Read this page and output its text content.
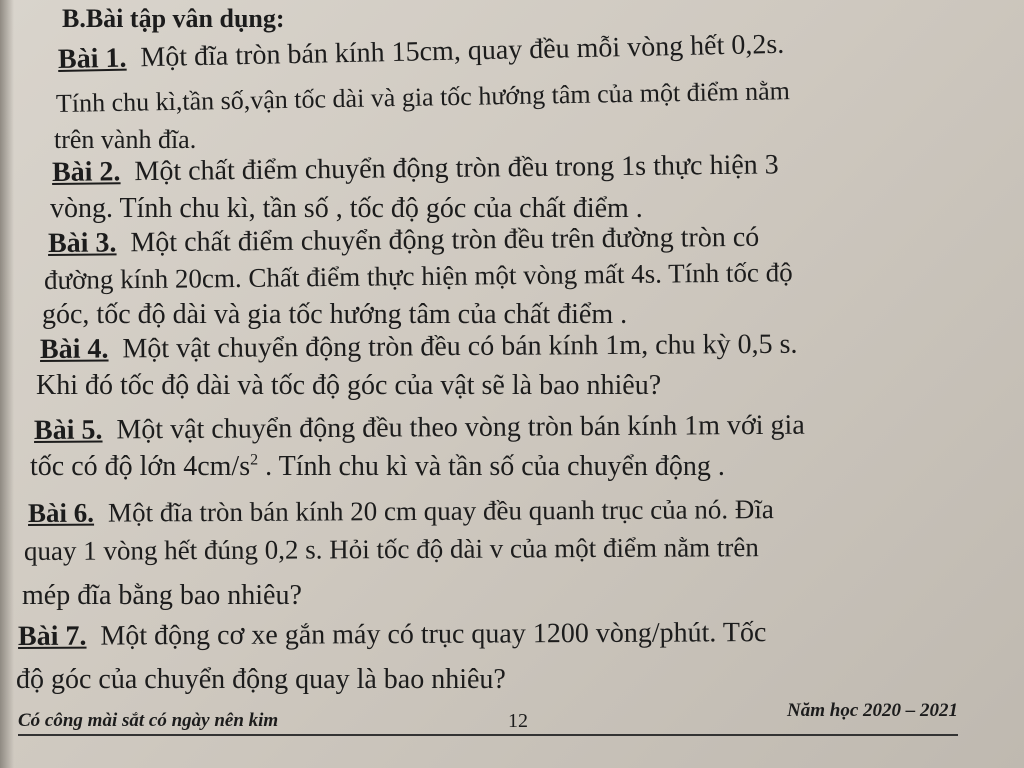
B.Bài tập vân dụng:
Bài 1. Một đĩa tròn bán kính 15cm, quay đều mỗi vòng hết 0,2s.
Tính chu kì,tần số,vận tốc dài và gia tốc hướng tâm của một điểm nằm
trên vành đĩa.
Bài 2. Một chất điểm chuyển động tròn đều trong 1s thực hiện 3
vòng. Tính chu kì, tần số , tốc độ góc của chất điểm .
Bài 3. Một chất điểm chuyển động tròn đều trên đường tròn có
đường kính 20cm. Chất điểm thực hiện một vòng mất 4s. Tính tốc độ
góc, tốc độ dài và gia tốc hướng tâm của chất điểm .
Bài 4. Một vật chuyển động tròn đều có bán kính 1m, chu kỳ 0,5 s.
Khi đó tốc độ dài và tốc độ góc của vật sẽ là bao nhiêu?
Bài 5. Một vật chuyển động đều theo vòng tròn bán kính 1m với gia
tốc có độ lớn $4cm/s^2$ . Tính chu kì và tần số của chuyển động .
Bài 6. Một đĩa tròn bán kính 20 cm quay đều quanh trục của nó. Đĩa
quay 1 vòng hết đúng 0,2 s. Hỏi tốc độ dài v của một điểm nằm trên
mép đĩa bằng bao nhiêu?
Bài 7. Một động cơ xe gắn máy có trục quay 1200 vòng/phút. Tốc
độ góc của chuyển động quay là bao nhiêu?
Có công mài sắt có ngày nên kim	12	Năm học 2020 – 2021
